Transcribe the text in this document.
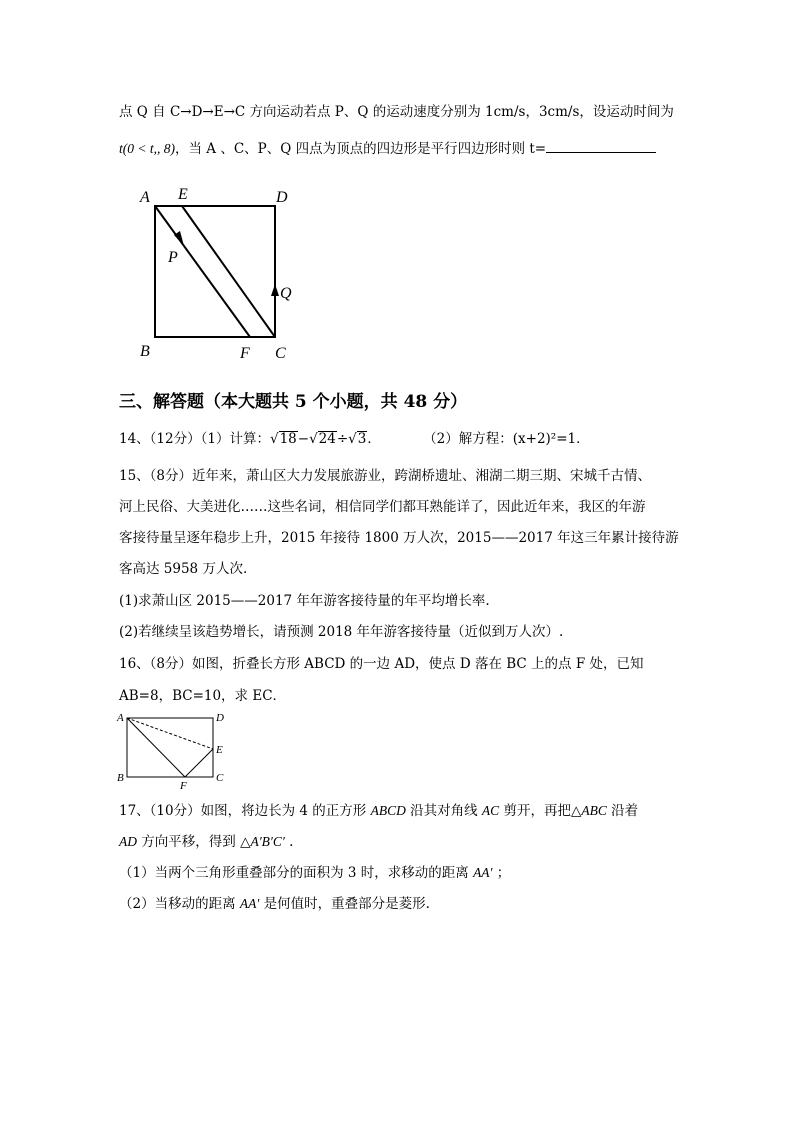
点 Q 自 C→D→E→C 方向运动若点 P、Q 的运动速度分别为 1cm/s，3cm/s，设运动时间为
t(0 < t,, 8)，当 A 、C、P、Q 四点为顶点的四边形是平行四边形时则 t=
A E	D
P
Q
B	F C
三、解答题（本大题共 5 个小题，共 48 分）
14、（12分）（1）计算：√18−√24÷√3．	（2）解方程：(x+2)²=1．
15、（8分）近年来，萧山区大力发展旅游业，跨湖桥遗址、湘湖二期三期、宋城千古情、
河上民俗、大美进化……这些名词，相信同学们都耳熟能详了，因此近年来，我区的年游
客接待量呈逐年稳步上升，2015 年接待 1800 万人次，2015——2017 年这三年累计接待游
客高达 5958 万人次.
(1)求萧山区 2015——2017 年年游客接待量的年平均增长率.
(2)若继续呈该趋势增长，请预测 2018 年年游客接待量（近似到万人次）.
16、（8分）如图，折叠长方形 ABCD 的一边 AD，使点 D 落在 BC 上的点 F 处，已知
AB=8，BC=10，求 EC．
A	D
E
B
F
C
17、（10分）如图，将边长为 4 的正方形 ABCD 沿其对角线 AC 剪开，再把△ABC 沿着
AD 方向平移，得到 △A′B′C′ .
（1）当两个三角形重叠部分的面积为 3 时，求移动的距离 AA′ ；
（2）当移动的距离 AA′ 是何值时，重叠部分是菱形.
